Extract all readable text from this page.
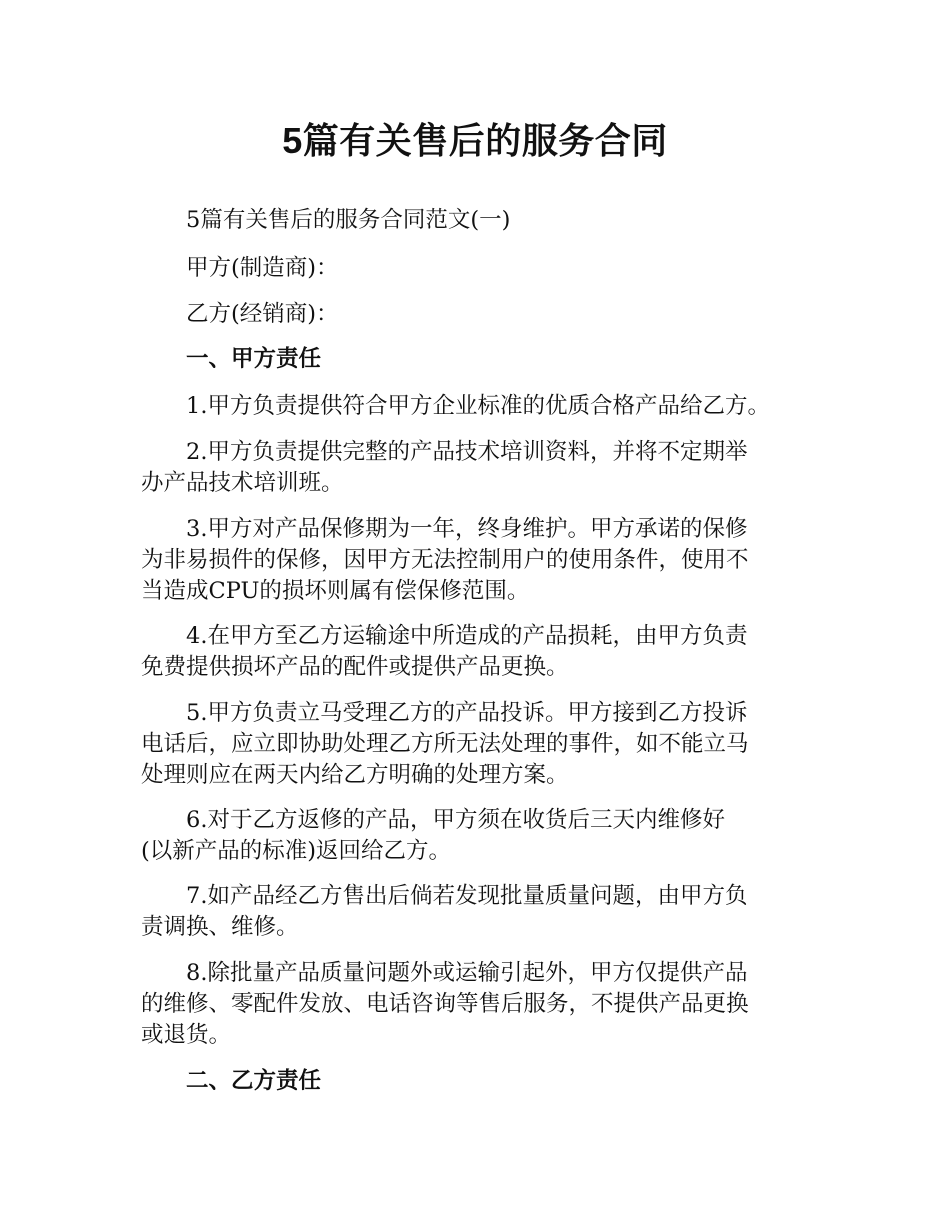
5篇有关售后的服务合同

5篇有关售后的服务合同范文(一)

甲方(制造商)：

乙方(经销商)：

一、甲方责任

1.甲方负责提供符合甲方企业标准的优质合格产品给乙方。

2.甲方负责提供完整的产品技术培训资料，并将不定期举
办产品技术培训班。

3.甲方对产品保修期为一年，终身维护。甲方承诺的保修
为非易损件的保修，因甲方无法控制用户的使用条件，使用不
当造成CPU的损坏则属有偿保修范围。

4.在甲方至乙方运输途中所造成的产品损耗，由甲方负责
免费提供损坏产品的配件或提供产品更换。

5.甲方负责立马受理乙方的产品投诉。甲方接到乙方投诉
电话后，应立即协助处理乙方所无法处理的事件，如不能立马
处理则应在两天内给乙方明确的处理方案。

6.对于乙方返修的产品，甲方须在收货后三天内维修好
(以新产品的标准)返回给乙方。

7.如产品经乙方售出后倘若发现批量质量问题，由甲方负
责调换、维修。

8.除批量产品质量问题外或运输引起外，甲方仅提供产品
的维修、零配件发放、电话咨询等售后服务，不提供产品更换
或退货。

二、乙方责任
